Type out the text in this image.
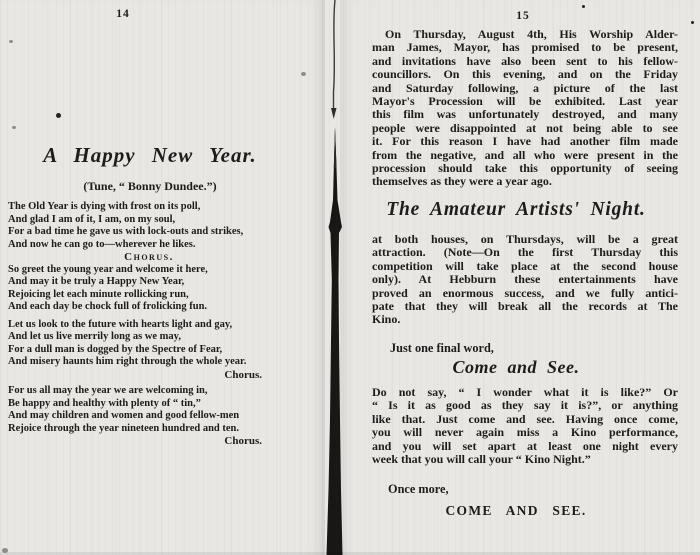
14
A Happy New Year.
(Tune, “ Bonny Dundee.”)
The Old Year is dying with frost on its poll,
And glad I am of it, I am, on my soul,
For a bad time he gave us with lock-outs and strikes,
And now he can go to—wherever he likes.
Chorus.
So greet the young year and welcome it here,
And may it be truly a Happy New Year,
Rejoicing let each minute rollicking run,
And each day be chock full of frolicking fun.
Let us look to the future with hearts light and gay,
And let us live merrily long as we may,
For a dull man is dogged by the Spectre of Fear,
And misery haunts him right through the whole year.
Chorus.
For us all may the year we are welcoming in,
Be happy and healthy with plenty of “ tin,”
And may children and women and good fellow-men
Rejoice through the year nineteen hundred and ten.
Chorus.
15
On Thursday, August 4th, His Worship Alder-
man James, Mayor, has promised to be present,
and invitations have also been sent to his fellow-
councillors. On this evening, and on the Friday
and Saturday following, a picture of the last
Mayor's Procession will be exhibited. Last year
this film was unfortunately destroyed, and many
people were disappointed at not being able to see
it. For this reason I have had another film made
from the negative, and all who were present in the
procession should take this opportunity of seeing
themselves as they were a year ago.
The Amateur Artists' Night.
at both houses, on Thursdays, will be a great
attraction. (Note—On the first Thursday this
competition will take place at the second house
only). At Hebburn these entertainments have
proved an enormous success, and we fully antici-
pate that they will break all the records at The
Kino.
Just one final word,
Come and See.
Do not say, “ I wonder what it is like?” Or
“ Is it as good as they say it is?”, or anything
like that. Just come and see. Having once come,
you will never again miss a Kino performance,
and you will set apart at least one night every
week that you will call your “ Kino Night.”
Once more,
COME AND SEE.
